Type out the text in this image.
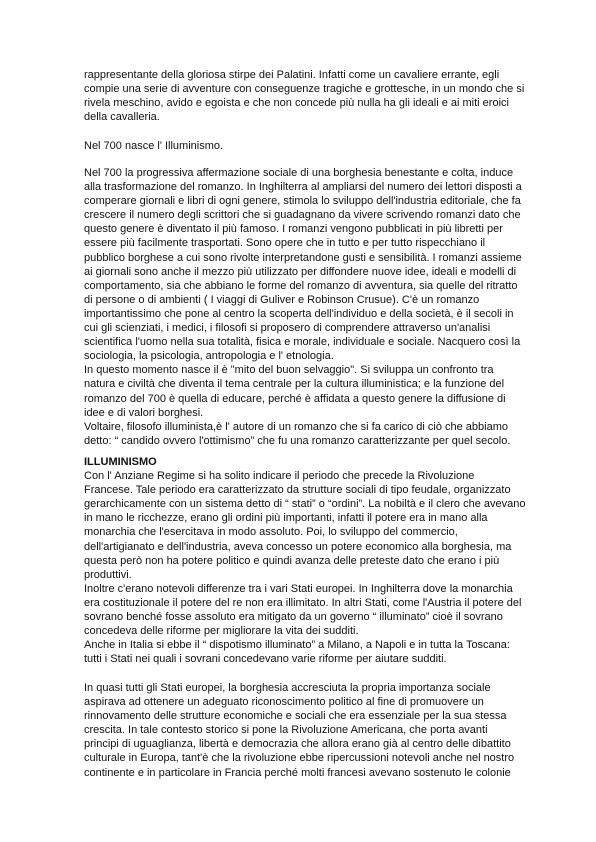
rappresentante della gloriosa stirpe dei Palatini. Infatti come un cavaliere errante, egli
compie una serie di avventure con conseguenze tragiche e grottesche, in un mondo che si
rivela meschino, avido e egoista e che non concede più nulla ha gli ideali e ai miti eroici
della cavalleria.
Nel 700 nasce l' Illuminismo.
Nel 700 la progressiva affermazione sociale di una borghesia benestante e colta, induce
alla trasformazione del romanzo. In Inghilterra al ampliarsi del numero dei lettori disposti a
comperare giornali e libri di ogni genere, stimola lo sviluppo dell'industria editoriale, che fa
crescere il numero degli scrittori che si guadagnano da vivere scrivendo romanzi dato che
questo genere è diventato il più famoso. I romanzi vengono pubblicati in più libretti per
essere più facilmente trasportati. Sono opere che in tutto e per tutto rispecchiano il
pubblico borghese a cui sono rivolte interpretandone gusti e sensibilità. I romanzi assieme
ai giornali sono anche il mezzo più utilizzato per diffondere nuove idee, ideali e modelli di
comportamento, sia che abbiano le forme del romanzo di avventura, sia quelle del ritratto
di persone o di ambienti ( I viaggi di Guliver e Robinson Crusue). C'è un romanzo
importantissimo che pone al centro la scoperta dell'individuo e della società, è il secoli in
cui gli scienziati, i medici, i filosofi si proposero di comprendere attraverso un'analisi
scientifica l'uomo nella sua totalità, fisica e morale, individuale e sociale. Nacquero così la
sociologia, la psicologia, antropologia e l' etnologia.
In questo momento nasce il è "mito del buon selvaggio". Si sviluppa un confronto tra
natura e civiltà che diventa il tema centrale per la cultura illuministica; e la funzione del
romanzo del 700 è quella di educare, perché è affidata a questo genere la diffusione di
idee e di valori borghesi.
Voltaire, filosofo illuminista,è l' autore di un romanzo che si fa carico di ciò che abbiamo
detto: “ candido ovvero l'ottimismo” che fu una romanzo caratterizzante per quel secolo.
ILLUMINISMO
Con l' Anziane Regime si ha solito indicare il periodo che precede la Rivoluzione
Francese. Tale periodo era caratterizzato da strutture sociali di tipo feudale, organizzato
gerarchicamente con un sistema detto di “ stati” o “ordini”. La nobiltà e il clero che avevano
in mano le ricchezze, erano gli ordini più importanti, infatti il potere era in mano alla
monarchia che l'esercitava in modo assoluto. Poi, lo sviluppo del commercio,
dell'artigianato e dell'industria, aveva concesso un potere economico alla borghesia, ma
questa però non ha potere politico e quindi avanza delle preteste dato che erano i più
produttivi.
Inoltre c'erano notevoli differenze tra i vari Stati europei. In Inghilterra dove la monarchia
era costituzionale il potere del re non era illimitato. In altri Stati, come l'Austria il potere del
sovrano benché fosse assoluto era mitigato da un governo “ illuminato” cioè il sovrano
concedeva delle riforme per migliorare la vita dei sudditi.
Anche in Italia si ebbe il “ dispotismo illuminato” a Milano, a Napoli e in tutta la Toscana:
tutti i Stati nei quali i sovrani concedevano varie riforme per aiutare sudditi.
In quasi tutti gli Stati europei, la borghesia accresciuta la propria importanza sociale
aspirava ad ottenere un adeguato riconoscimento politico al fine di promuovere un
rinnovamento delle strutture economiche e sociali che era essenziale per la sua stessa
crescita. In tale contesto storico si pone la Rivoluzione Americana, che porta avanti
principi di uguaglianza, libertà e democrazia che allora erano già al centro delle dibattito
culturale in Europa, tant'è che la rivoluzione ebbe ripercussioni notevoli anche nel nostro
continente e in particolare in Francia perché molti francesi avevano sostenuto le colonie
